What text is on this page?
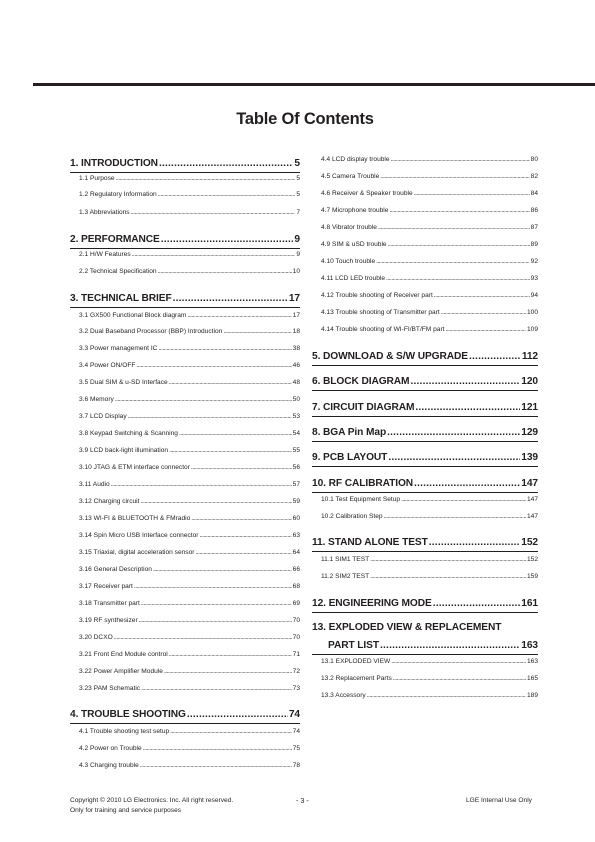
Table Of Contents
1. INTRODUCTION .....	5
1.1 Purpose .....	5
1.2 Regulatory Information .....	5
1.3 Abbreviations .....	7
2. PERFORMANCE .....	9
2.1 H/W Features .....	9
2.2 Technical Specification .....	10
3. TECHNICAL BRIEF .....	17
3.1 GX500 Functional Block diagram .....	17
3.2 Dual Baseband Processor (BBP) Introduction .....	18
3.3 Power management IC .....	38
3.4 Power ON/OFF .....	46
3.5 Dual SIM & u-SD Interface .....	48
3.6 Memory .....	50
3.7 LCD Display .....	53
3.8 Keypad Switching & Scanning .....	54
3.9 LCD back-light illumination .....	55
3.10 JTAG & ETM interface connector .....	56
3.11 Audio .....	57
3.12 Charging circuit .....	59
3.13 WI-FI & BLUETOOTH & FMradio .....	60
3.14 Spin Micro USB Interface connector .....	63
3.15 Triaxial, digital acceleration sensor .....	64
3.16 General Description .....	66
3.17 Receiver part .....	68
3.18 Transmitter part .....	69
3.19 RF synthesizer .....	70
3.20 DCXO .....	70
3.21 Front End Module control .....	71
3.22 Power Amplifier Module .....	72
3.23 PAM Schematic .....	73
4. TROUBLE SHOOTING .....	74
4.1 Trouble shooting test setup .....	74
4.2 Power on Trouble .....	75
4.3 Charging trouble .....	78
4.4 LCD display trouble .....	80
4.5 Camera Trouble .....	82
4.6 Receiver & Speaker trouble .....	84
4.7 Microphone trouble .....	86
4.8 Vibrator trouble .....	87
4.9 SIM & uSD trouble .....	89
4.10 Touch trouble .....	92
4.11 LCD LED trouble .....	93
4.12 Trouble shooting of Receiver part .....	94
4.13 Trouble shooting of Transmitter part .....	100
4.14 Trouble shooting of WI-FI/BT/FM part .....	109
5. DOWNLOAD & S/W UPGRADE .....	112
6. BLOCK DIAGRAM .....	120
7. CIRCUIT DIAGRAM .....	121
8. BGA Pin Map .....	129
9. PCB LAYOUT .....	139
10. RF CALIBRATION .....	147
10.1 Test Equipment Setup .....	147
10.2 Calibration Step .....	147
11. STAND ALONE TEST .....	152
11.1 SIM1 TEST .....	152
11.2 SIM2 TEST .....	159
12. ENGINEERING MODE .....	161
13. EXPLODED VIEW & REPLACEMENT
PART LIST .....	163
13.1 EXPLODED VIEW .....	163
13.2 Replacement Parts .....	165
13.3 Accessory .....	189
Copyright © 2010 LG Electronics. Inc. All right reserved.
Only for training and service purposes
- 3 -	LGE Internal Use Only
